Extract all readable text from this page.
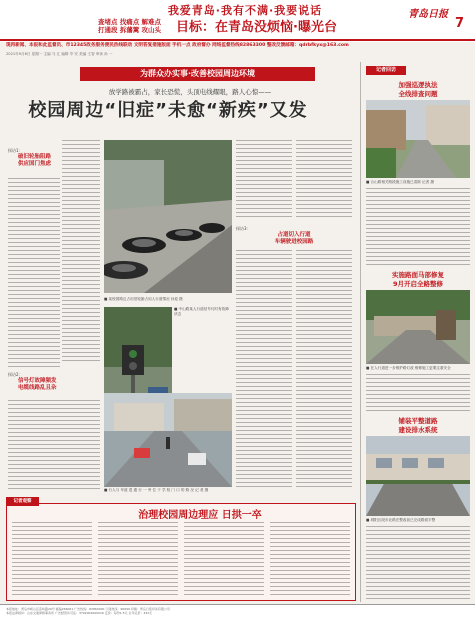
我爱青岛·我有不满·我要说话
查堵点 找痛点 解难点
打通段 拆藩篱 攻山头	目标：在青岛没烦恼·曝光台
青岛日报
7
现再新闻、本报和此监督员、市12345政务服务便民热线联动 文明答复措施版面 手机一点 政府督办 网络监督热线82863300 整改反馈邮箱：qdrbfkyx@163.com
2021年9月6日 星期一 主编 马 汇 编辑 毕 安 美编 王智 审读 孙 一
为群众办实事·改善校园周边环境
放学路被霸占，家长恐慌，头顶电线耀眼，路人心惊——
校园周边“旧症”未愈“新疾”又发
探访1：
破旧轮胎阻路
供应国门焦虑
探访2：
信号灯故障频发
电缆线路乱且杂
■ 某校园路边占用旧轮胎占用人行道情况 孙迎 摄
■ 中山路某人行道信号灯时有故障状态
■ 行人与 车道 混 通 行 一 旁 位 于 学 校 门 口 的 路 况 记 者 摄
探访3：
占道切入行道
车辆驶进校园路
记者观察
治理校园周边理应 日拱一卒
记者回访
加强巡逻执法
全线排查问题
■ 合山路相关路段施工设施已清除 记者 摄
实施路面马部修复
9月开启全路整修
■ 在人行道进一步维护路灯改 维修施工更要注重安全
铺装平整道路
建设排水系统
■ 城阳区段市北路在整改前已完成路面平整
本报地址：青岛市崂山区苗岭路29号 邮编266061 广告热线：82860000 订阅热线：96699 印刷：青岛日报印务有限公司
本报法律顾问：山东文康律师事务所 广告经营许可证：3702004000016 定价：每份1.5元 全年定价：432元
